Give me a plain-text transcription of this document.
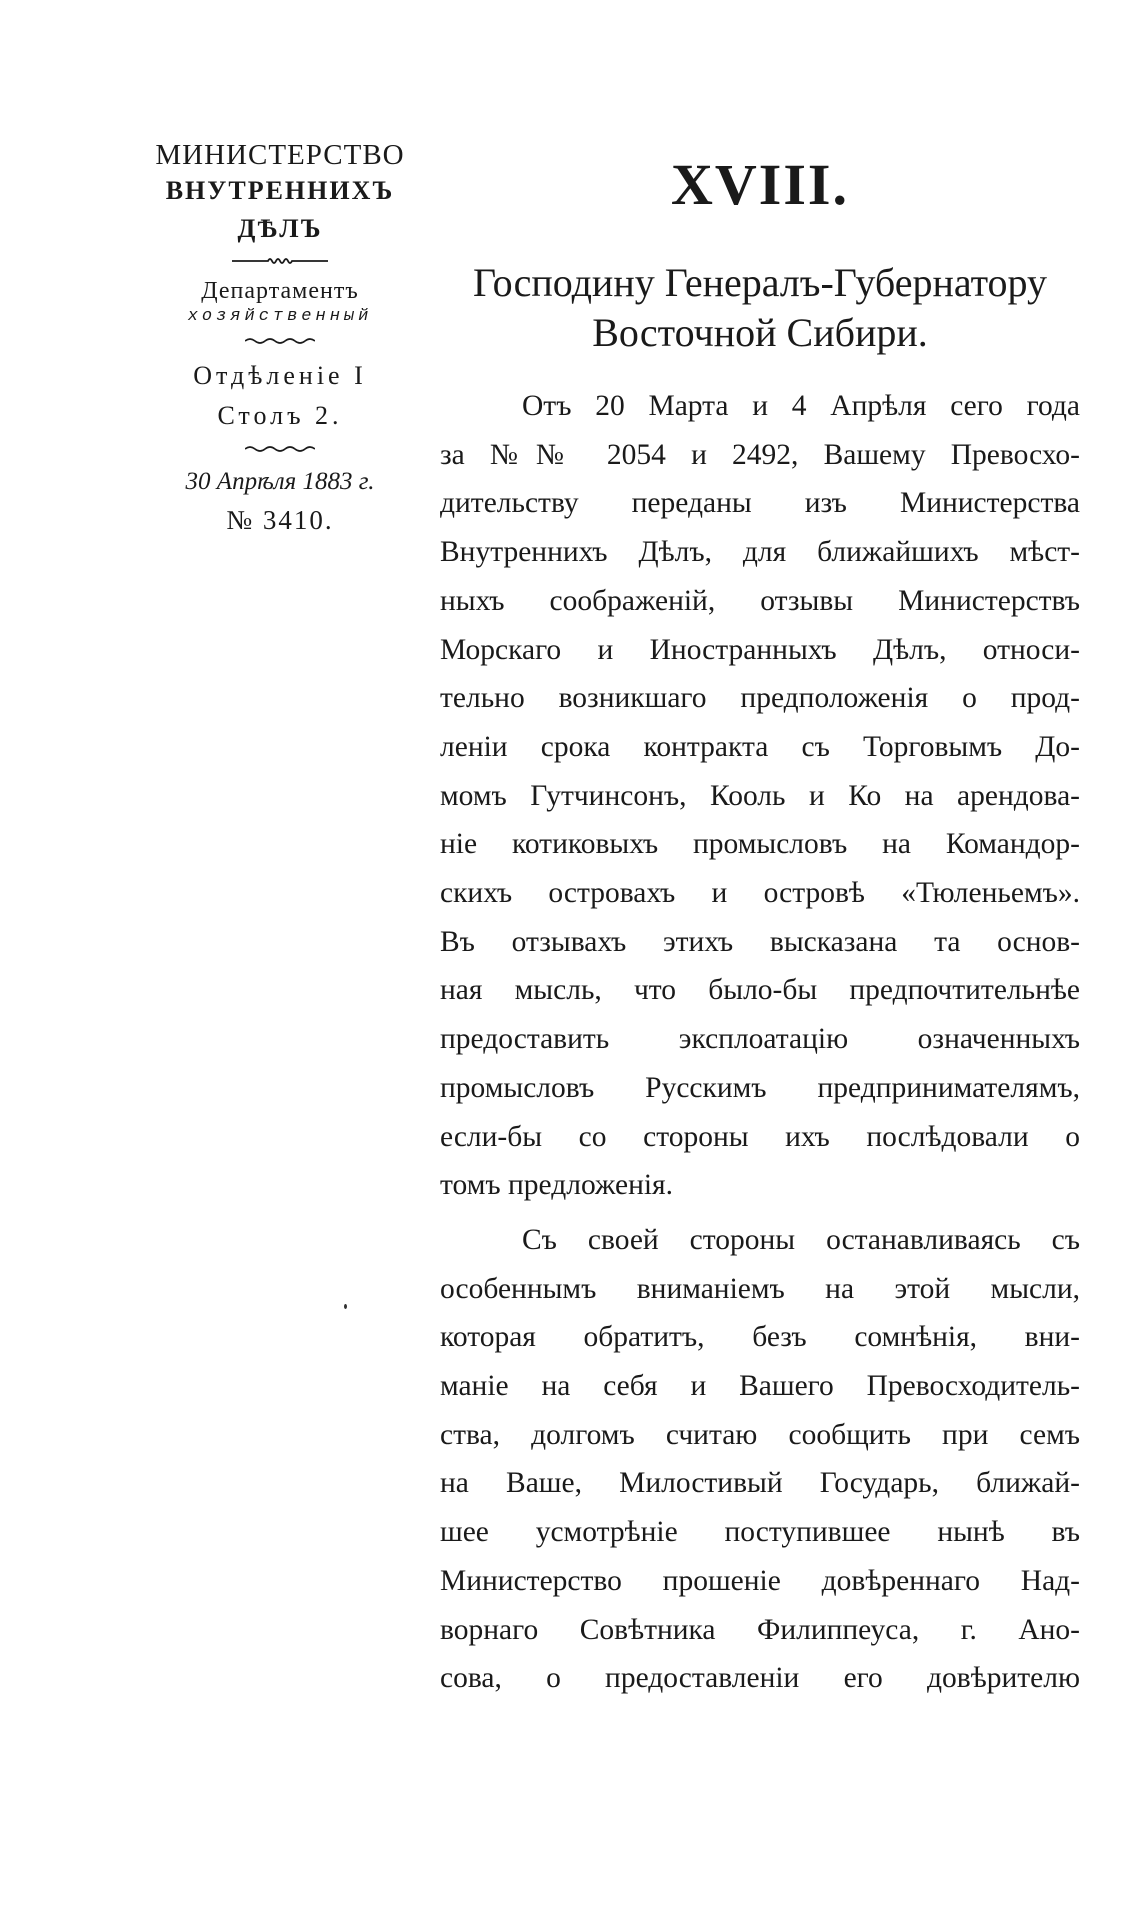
МИНИСТЕРСТВО
ВНУТРЕННИХЪ ДѢЛЪ
Департаментъ
хозяйственный
Отдѣленіе I
Столъ 2.
30 Апрѣля 1883 г.
№ 3410.
XVIII.
Господину Генералъ-Губернатору
Восточной Сибири.
Отъ 20 Марта и 4 Апрѣля сего года
за №№ 2054 и 2492, Вашему Превосхо-
дительству переданы изъ Министерства
Внутреннихъ Дѣлъ, для ближайшихъ мѣст-
ныхъ соображеній, отзывы Министерствъ
Морскаго и Иностранныхъ Дѣлъ, относи-
тельно возникшаго предположенія о прод-
леніи срока контракта съ Торговымъ До-
момъ Гутчинсонъ, Кооль и Ко на арендова-
ніе котиковыхъ промысловъ на Командор-
скихъ островахъ и островѣ «Тюленьемъ».
Въ отзывахъ этихъ высказана та основ-
ная мысль, что было-бы предпочтительнѣе
предоставить эксплоатацію означенныхъ
промысловъ Русскимъ предпринимателямъ,
если-бы со стороны ихъ послѣдовали о
томъ предложенія.
Съ своей стороны останавливаясь съ
особеннымъ вниманіемъ на этой мысли,
которая обратитъ, безъ сомнѣнія, вни-
маніе на себя и Вашего Превосходитель-
ства, долгомъ считаю сообщить при семъ
на Ваше, Милостивый Государь, ближай-
шее усмотрѣніе поступившее нынѣ въ
Министерство прошеніе довѣреннаго Над-
ворнаго Совѣтника Филиппеуса, г. Ано-
сова, о предоставленіи его довѣрителю
